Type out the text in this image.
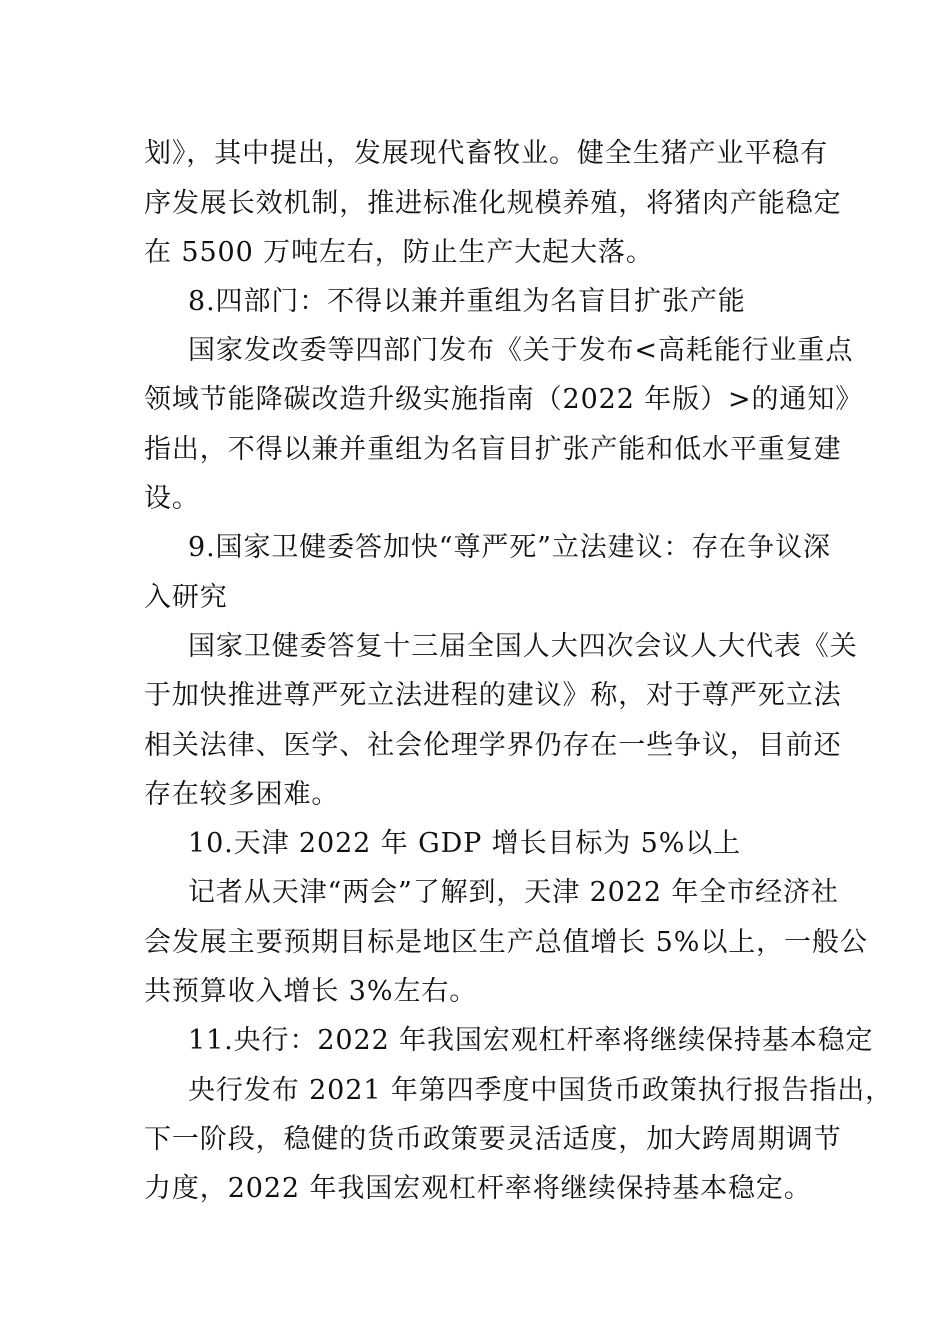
划》，其中提出，发展现代畜牧业。健全生猪产业平稳有
序发展长效机制，推进标准化规模养殖，将猪肉产能稳定
在 5500 万吨左右，防止生产大起大落。
8.四部门：不得以兼并重组为名盲目扩张产能
国家发改委等四部门发布《关于发布<高耗能行业重点
领域节能降碳改造升级实施指南（2022 年版）>的通知》
指出，不得以兼并重组为名盲目扩张产能和低水平重复建
设。
9.国家卫健委答加快“尊严死”立法建议：存在争议深
入研究
国家卫健委答复十三届全国人大四次会议人大代表《关
于加快推进尊严死立法进程的建议》称，对于尊严死立法
相关法律、医学、社会伦理学界仍存在一些争议，目前还
存在较多困难。
10.天津 2022 年 GDP 增长目标为 5%以上
记者从天津“两会”了解到，天津 2022 年全市经济社
会发展主要预期目标是地区生产总值增长 5%以上，一般公
共预算收入增长 3%左右。
11.央行：2022 年我国宏观杠杆率将继续保持基本稳定
央行发布 2021 年第四季度中国货币政策执行报告指出，
下一阶段，稳健的货币政策要灵活适度，加大跨周期调节
力度，2022 年我国宏观杠杆率将继续保持基本稳定。
